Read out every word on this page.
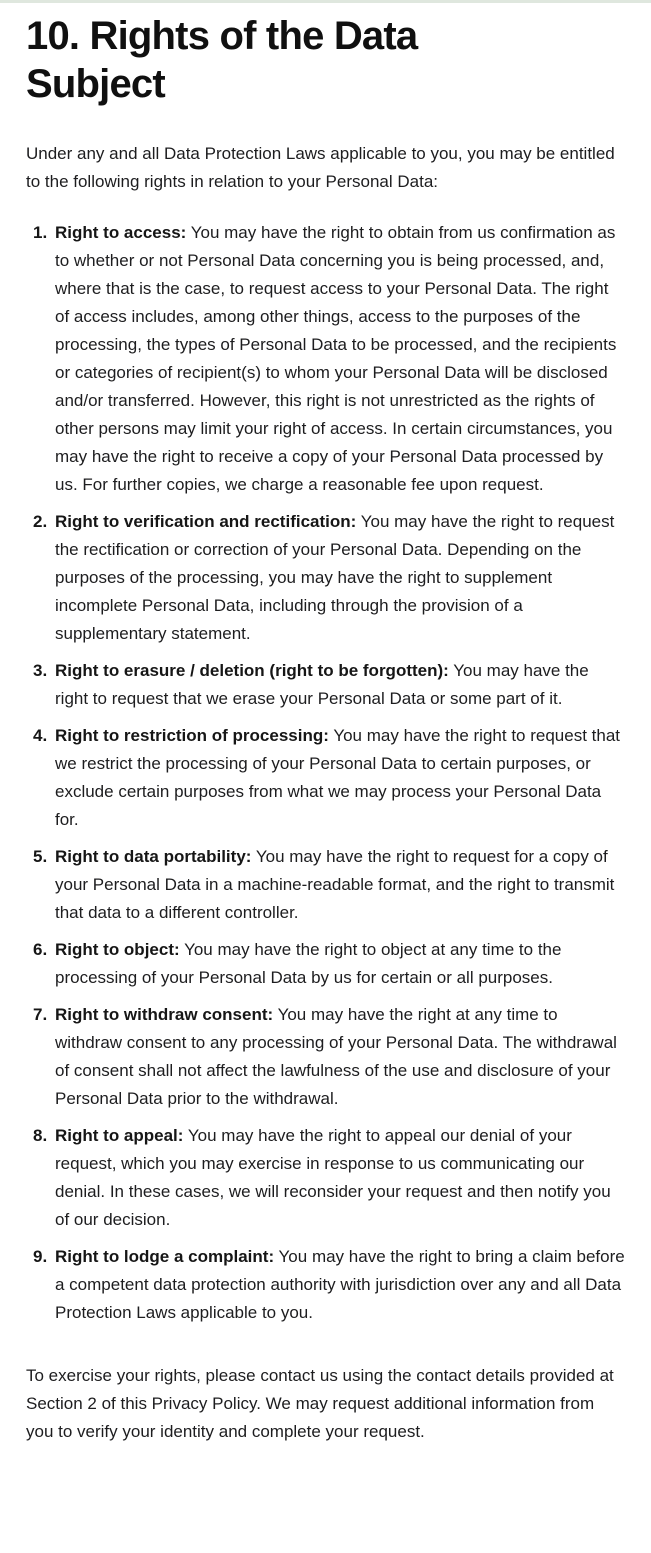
10. Rights of the Data Subject

Under any and all Data Protection Laws applicable to you, you may be entitled to the following rights in relation to your Personal Data:

1. Right to access: You may have the right to obtain from us confirmation as to whether or not Personal Data concerning you is being processed, and, where that is the case, to request access to your Personal Data. The right of access includes, among other things, access to the purposes of the processing, the types of Personal Data to be processed, and the recipients or categories of recipient(s) to whom your Personal Data will be disclosed and/or transferred. However, this right is not unrestricted as the rights of other persons may limit your right of access. In certain circumstances, you may have the right to receive a copy of your Personal Data processed by us. For further copies, we charge a reasonable fee upon request.

2. Right to verification and rectification: You may have the right to request the rectification or correction of your Personal Data. Depending on the purposes of the processing, you may have the right to supplement incomplete Personal Data, including through the provision of a supplementary statement.

3. Right to erasure / deletion (right to be forgotten): You may have the right to request that we erase your Personal Data or some part of it.

4. Right to restriction of processing: You may have the right to request that we restrict the processing of your Personal Data to certain purposes, or exclude certain purposes from what we may process your Personal Data for.

5. Right to data portability: You may have the right to request for a copy of your Personal Data in a machine-readable format, and the right to transmit that data to a different controller.

6. Right to object: You may have the right to object at any time to the processing of your Personal Data by us for certain or all purposes.

7. Right to withdraw consent: You may have the right at any time to withdraw consent to any processing of your Personal Data. The withdrawal of consent shall not affect the lawfulness of the use and disclosure of your Personal Data prior to the withdrawal.

8. Right to appeal: You may have the right to appeal our denial of your request, which you may exercise in response to us communicating our denial. In these cases, we will reconsider your request and then notify you of our decision.

9. Right to lodge a complaint: You may have the right to bring a claim before a competent data protection authority with jurisdiction over any and all Data Protection Laws applicable to you.

To exercise your rights, please contact us using the contact details provided at Section 2 of this Privacy Policy. We may request additional information from you to verify your identity and complete your request.
